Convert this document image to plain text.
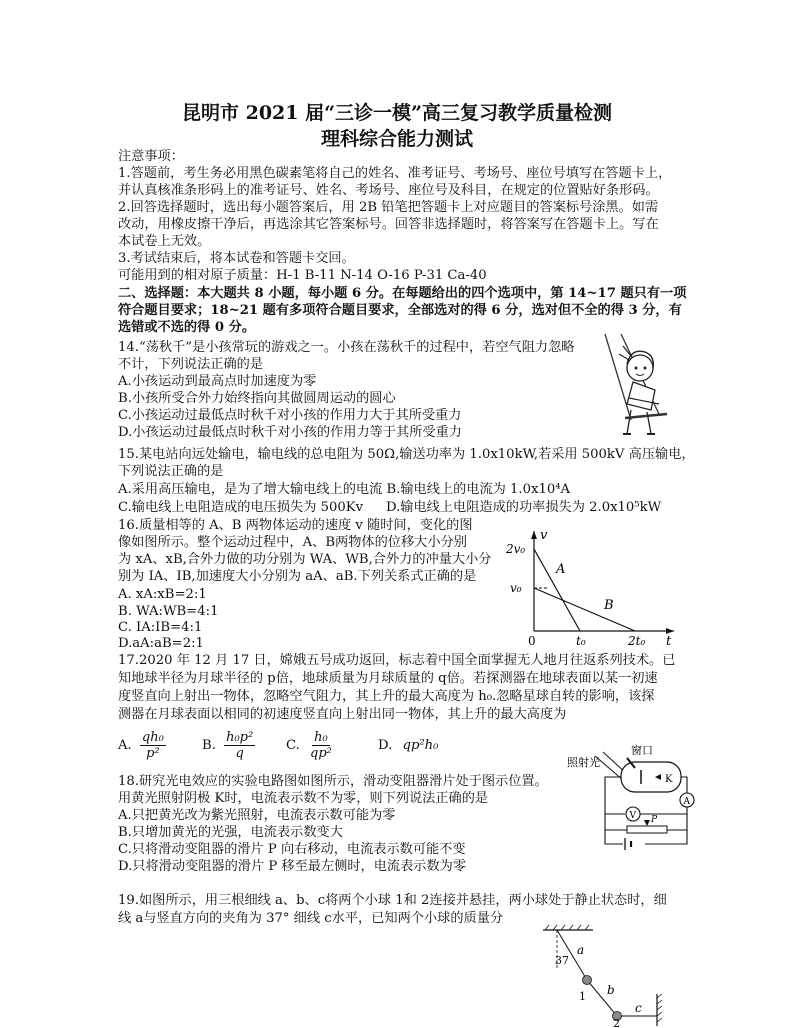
昆明市 2021 届“三诊一模”高三复习教学质量检测
理科综合能力测试
注意事项：
1.答题前，考生务必用黑色碳素笔将自己的姓名、准考证号、考场号、座位号填写在答题卡上，
并认真核准条形码上的准考证号、姓名、考场号、座位号及科目，在规定的位置贴好条形码。
2.回答选择题时，选出每小题答案后，用 2B 铅笔把答题卡上对应题目的答案标号涂黑。如需
改动，用橡皮擦干净后，再选涂其它答案标号。回答非选择题时，将答案写在答题卡上。写在
本试卷上无效。
3.考试结束后，将本试卷和答题卡交回。
可能用到的相对原子质量：H-1 B-11 N-14 O-16 P-31 Ca-40
二、选择题：本大题共 8 小题，每小题 6 分。在每题给出的四个选项中，第 14~17 题只有一项
符合题目要求；18~21 题有多项符合题目要求，全部选对的得 6 分，选对但不全的得 3 分，有
选错或不选的得 0 分。
14.“荡秋千”是小孩常玩的游戏之一。小孩在荡秋千的过程中，若空气阻力忽略
不计，下列说法正确的是
A.小孩运动到最高点时加速度为零
B.小孩所受合外力始终指向其做圆周运动的圆心
C.小孩运动过最低点时秋千对小孩的作用力大于其所受重力
D.小孩运动过最低点时秋千对小孩的作用力等于其所受重力
15.某电站向远处输电，输电线的总电阻为 50Ω,输送功率为 1.0x10kW,若采用 500kV 高压输电，
下列说法正确的是
A.采用高压输电，是为了增大输电线上的电流 B.输电线上的电流为 1.0x10⁴A
C.输电线上电阻造成的电压损失为 500Kv D.输电线上电阻造成的功率损失为 2.0x10⁵kW
16.质量相等的 A、B 两物体运动的速度 v 随时间，变化的图
像如图所示。整个运动过程中，A、B两物体的位移大小分别
为 xA、xB,合外力做的功分别为 WA、WB,合外力的冲量大小分
别为 IA、IB,加速度大小分别为 aA、aB.下列关系式正确的是
A. xA:xB=2:1
B. WA:WB=4:1
C. IA:IB=4:1
D.aA:aB=2:1
v
t
2v₀
v₀
0	t₀	2t₀
A
B
17.2020 年 12 月 17 日，嫦娥五号成功返回，标志着中国全面掌握无人地月往返系列技术。已
知地球半径为月球半径的 p倍，地球质量为月球质量的 q倍。若探测器在地球表面以某一初速
度竖直向上射出一物体，忽略空气阻力，其上升的最大高度为 h₀.忽略星球自转的影响，该探
测器在月球表面以相同的初速度竖直向上射出同一物体，其上升的最大高度为
A. $\frac{\text{qh₀}}{\text{p²}}$	B. $\frac{\text{h₀p²}}{q} C$. $\frac{\text{h₀}}{\text{qp²}}$	D. qp²h₀
18.研究光电效应的实验电路图如图所示，滑动变阻器滑片处于图示位置。
用黄光照射阴极 K时，电流表示数不为零，则下列说法正确的是
A.只把黄光改为紫光照射，电流表示数可能为零
B.只增加黄光的光强，电流表示数变大
C.只将滑动变阻器的滑片 P 向右移动，电流表示数可能不变
D.只将滑动变阻器的滑片 P 移至最左侧时，电流表示数为零
照射光
窗口
K
A
V P
19.如图所示，用三根细线 a、b、c将两个小球 1和 2连接并悬挂，两小球处于静止状态时，细
线 a与竖直方向的夹角为 37° 细线 c水平，已知两个小球的质量分
37
a
b
c
1
2
